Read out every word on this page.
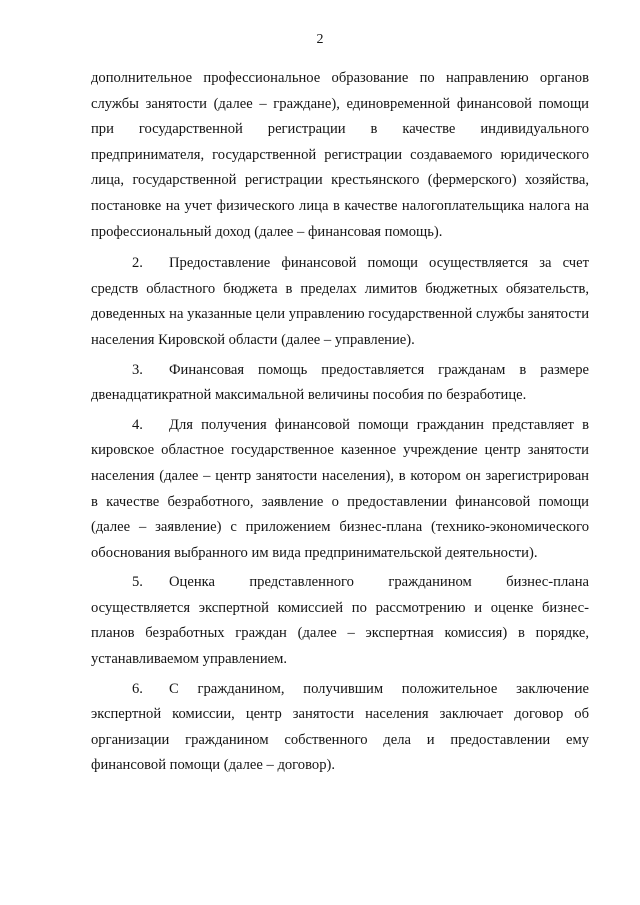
2

дополнительное профессиональное образование по направлению органов службы занятости (далее – граждане), единовременной финансовой помощи при государственной регистрации в качестве индивидуального предпринимателя, государственной регистрации создаваемого юридического лица, государственной регистрации крестьянского (фермерского) хозяйства, постановке на учет физического лица в качестве налогоплательщика налога на профессиональный доход (далее – финансовая помощь).

2. Предоставление финансовой помощи осуществляется за счет средств областного бюджета в пределах лимитов бюджетных обязательств, доведенных на указанные цели управлению государственной службы занятости населения Кировской области (далее – управление).

3. Финансовая помощь предоставляется гражданам в размере двенадцатикратной максимальной величины пособия по безработице.

4. Для получения финансовой помощи гражданин представляет в кировское областное государственное казенное учреждение центр занятости населения (далее – центр занятости населения), в котором он зарегистрирован в качестве безработного, заявление о предоставлении финансовой помощи (далее – заявление) с приложением бизнес-плана (технико-экономического обоснования выбранного им вида предпринимательской деятельности).

5. Оценка представленного гражданином бизнес-плана осуществляется экспертной комиссией по рассмотрению и оценке бизнес-планов безработных граждан (далее – экспертная комиссия) в порядке, устанавливаемом управлением.

6. С гражданином, получившим положительное заключение экспертной комиссии, центр занятости населения заключает договор об организации гражданином собственного дела и предоставлении ему финансовой помощи (далее – договор).
